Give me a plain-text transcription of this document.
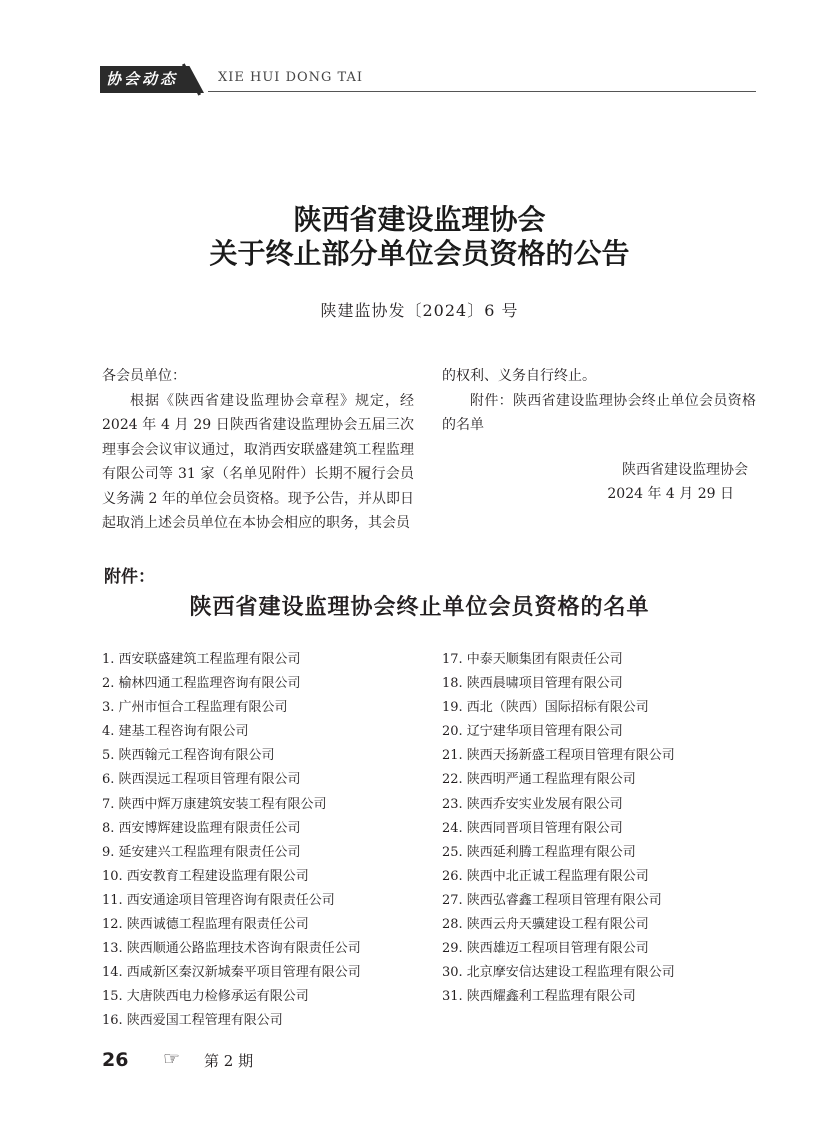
协会动态	XIE HUI DONG TAI
陕西省建设监理协会
关于终止部分单位会员资格的公告
陕建监协发〔2024〕6 号

各会员单位：

根据《陕西省建设监理协会章程》规定，经 2024 年 4 月 29 日陕西省建设监理协会五届三次理事会会议审议通过，取消西安联盛建筑工程监理有限公司等 31 家（名单见附件）长期不履行会员义务满 2 年的单位会员资格。现予公告，并从即日起取消上述会员单位在本协会相应的职务，其会员

的权利、义务自行终止。

附件：陕西省建设监理协会终止单位会员资格的名单

陕西省建设监理协会

2024 年 4 月 29 日

附件：
陕西省建设监理协会终止单位会员资格的名单
1. 西安联盛建筑工程监理有限公司
2. 榆林四通工程监理咨询有限公司
3. 广州市恒合工程监理有限公司
4. 建基工程咨询有限公司
5. 陕西翰元工程咨询有限公司
6. 陕西淏远工程项目管理有限公司
7. 陕西中辉万康建筑安装工程有限公司
8. 西安博辉建设监理有限责任公司
9. 延安建兴工程监理有限责任公司
10. 西安教育工程建设监理有限公司
11. 西安通途项目管理咨询有限责任公司
12. 陕西诚德工程监理有限责任公司
13. 陕西顺通公路监理技术咨询有限责任公司
14. 西咸新区秦汉新城秦平项目管理有限公司
15. 大唐陕西电力检修承运有限公司
16. 陕西爱国工程管理有限公司
17. 中泰天顺集团有限责任公司
18. 陕西晨啸项目管理有限公司
19. 西北（陕西）国际招标有限公司
20. 辽宁建华项目管理有限公司
21. 陕西天扬新盛工程项目管理有限公司
22. 陕西明严通工程监理有限公司
23. 陕西乔安实业发展有限公司
24. 陕西同晋项目管理有限公司
25. 陕西延利腾工程监理有限公司
26. 陕西中北正诚工程监理有限公司
27. 陕西弘睿鑫工程项目管理有限公司
28. 陕西云舟天骥建设工程有限公司
29. 陕西雄迈工程项目管理有限公司
30. 北京摩安信达建设工程监理有限公司
31. 陕西耀鑫利工程监理有限公司
26 ☞ 第 2 期
